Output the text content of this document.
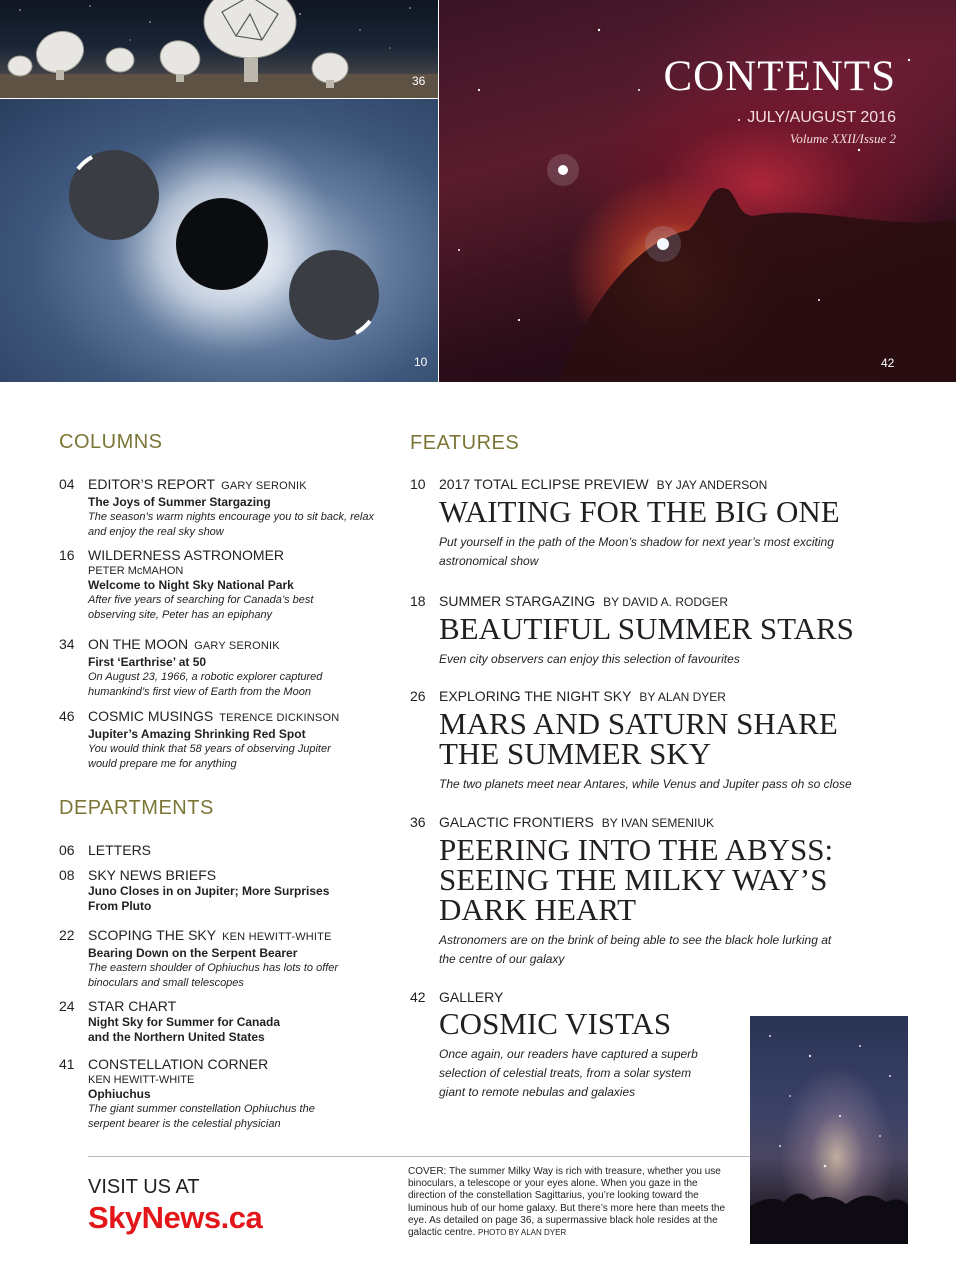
36
10
CONTENTS
JULY/AUGUST 2016
Volume XXII/Issue 2
42
COLUMNS
04 EDITOR’S REPORT GARY SERONIK
The Joys of Summer Stargazing
The season’s warm nights encourage you to sit back, relax and enjoy the real sky show
16 WILDERNESS ASTRONOMER
PETER McMAHON
Welcome to Night Sky National Park
After five years of searching for Canada’s best observing site, Peter has an epiphany
34 ON THE MOON GARY SERONIK
First ‘Earthrise’ at 50
On August 23, 1966, a robotic explorer captured humankind’s first view of Earth from the Moon
46 COSMIC MUSINGS TERENCE DICKINSON
Jupiter’s Amazing Shrinking Red Spot
You would think that 58 years of observing Jupiter would prepare me for anything
DEPARTMENTS
06 LETTERS
08 SKY NEWS BRIEFS
Juno Closes in on Jupiter; More Surprises From Pluto
22 SCOPING THE SKY KEN HEWITT-WHITE
Bearing Down on the Serpent Bearer
The eastern shoulder of Ophiuchus has lots to offer binoculars and small telescopes
24 STAR CHART
Night Sky for Summer for Canada and the Northern United States
41 CONSTELLATION CORNER
KEN HEWITT-WHITE
Ophiuchus
The giant summer constellation Ophiuchus the serpent bearer is the celestial physician
FEATURES
10 2017 TOTAL ECLIPSE PREVIEW BY JAY ANDERSON
WAITING FOR THE BIG ONE
Put yourself in the path of the Moon’s shadow for next year’s most exciting astronomical show
18 SUMMER STARGAZING BY DAVID A. RODGER
BEAUTIFUL SUMMER STARS
Even city observers can enjoy this selection of favourites
26 EXPLORING THE NIGHT SKY BY ALAN DYER
MARS AND SATURN SHARE THE SUMMER SKY
The two planets meet near Antares, while Venus and Jupiter pass oh so close
36 GALACTIC FRONTIERS BY IVAN SEMENIUK
PEERING INTO THE ABYSS: SEEING THE MILKY WAY’S DARK HEART
Astronomers are on the brink of being able to see the black hole lurking at the centre of our galaxy
42 GALLERY
COSMIC VISTAS
Once again, our readers have captured a superb selection of celestial treats, from a solar system giant to remote nebulas and galaxies
VISIT US AT
SkyNews.ca
COVER: The summer Milky Way is rich with treasure, whether you use binoculars, a telescope or your eyes alone. When you gaze in the direction of the constellation Sagittarius, you’re looking toward the luminous hub of our home galaxy. But there’s more here than meets the eye. As detailed on page 36, a supermassive black hole resides at the galactic centre. PHOTO BY ALAN DYER
